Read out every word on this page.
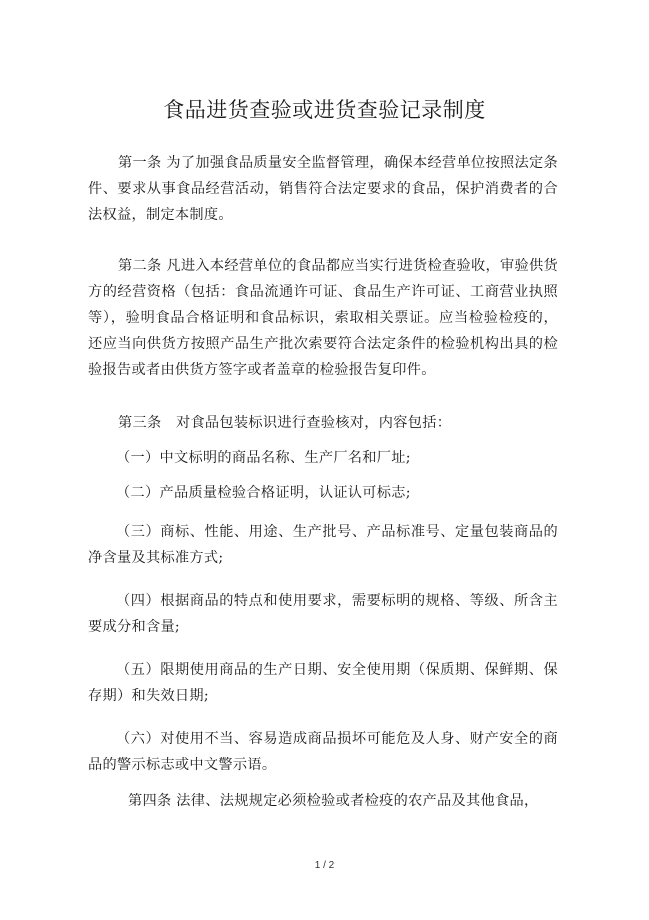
食品进货查验或进货查验记录制度

第一条 为了加强食品质量安全监督管理，确保本经营单位按照法定条件、要求从事食品经营活动，销售符合法定要求的食品，保护消费者的合法权益，制定本制度。

第二条 凡进入本经营单位的食品都应当实行进货检查验收，审验供货方的经营资格（包括：食品流通许可证、食品生产许可证、工商营业执照等），验明食品合格证明和食品标识，索取相关票证。应当检验检疫的，还应当向供货方按照产品生产批次索要符合法定条件的检验机构出具的检验报告或者由供货方签字或者盖章的检验报告复印件。

第三条　对食品包装标识进行查验核对，内容包括：

（一）中文标明的商品名称、生产厂名和厂址;

（二）产品质量检验合格证明，认证认可标志;

（三）商标、性能、用途、生产批号、产品标准号、定量包装商品的净含量及其标准方式;

（四）根据商品的特点和使用要求，需要标明的规格、等级、所含主要成分和含量;

（五）限期使用商品的生产日期、安全使用期（保质期、保鲜期、保存期）和失效日期;

（六）对使用不当、容易造成商品损坏可能危及人身、财产安全的商品的警示标志或中文警示语。

第四条 法律、法规规定必须检验或者检疫的农产品及其他食品，

1 / 2
